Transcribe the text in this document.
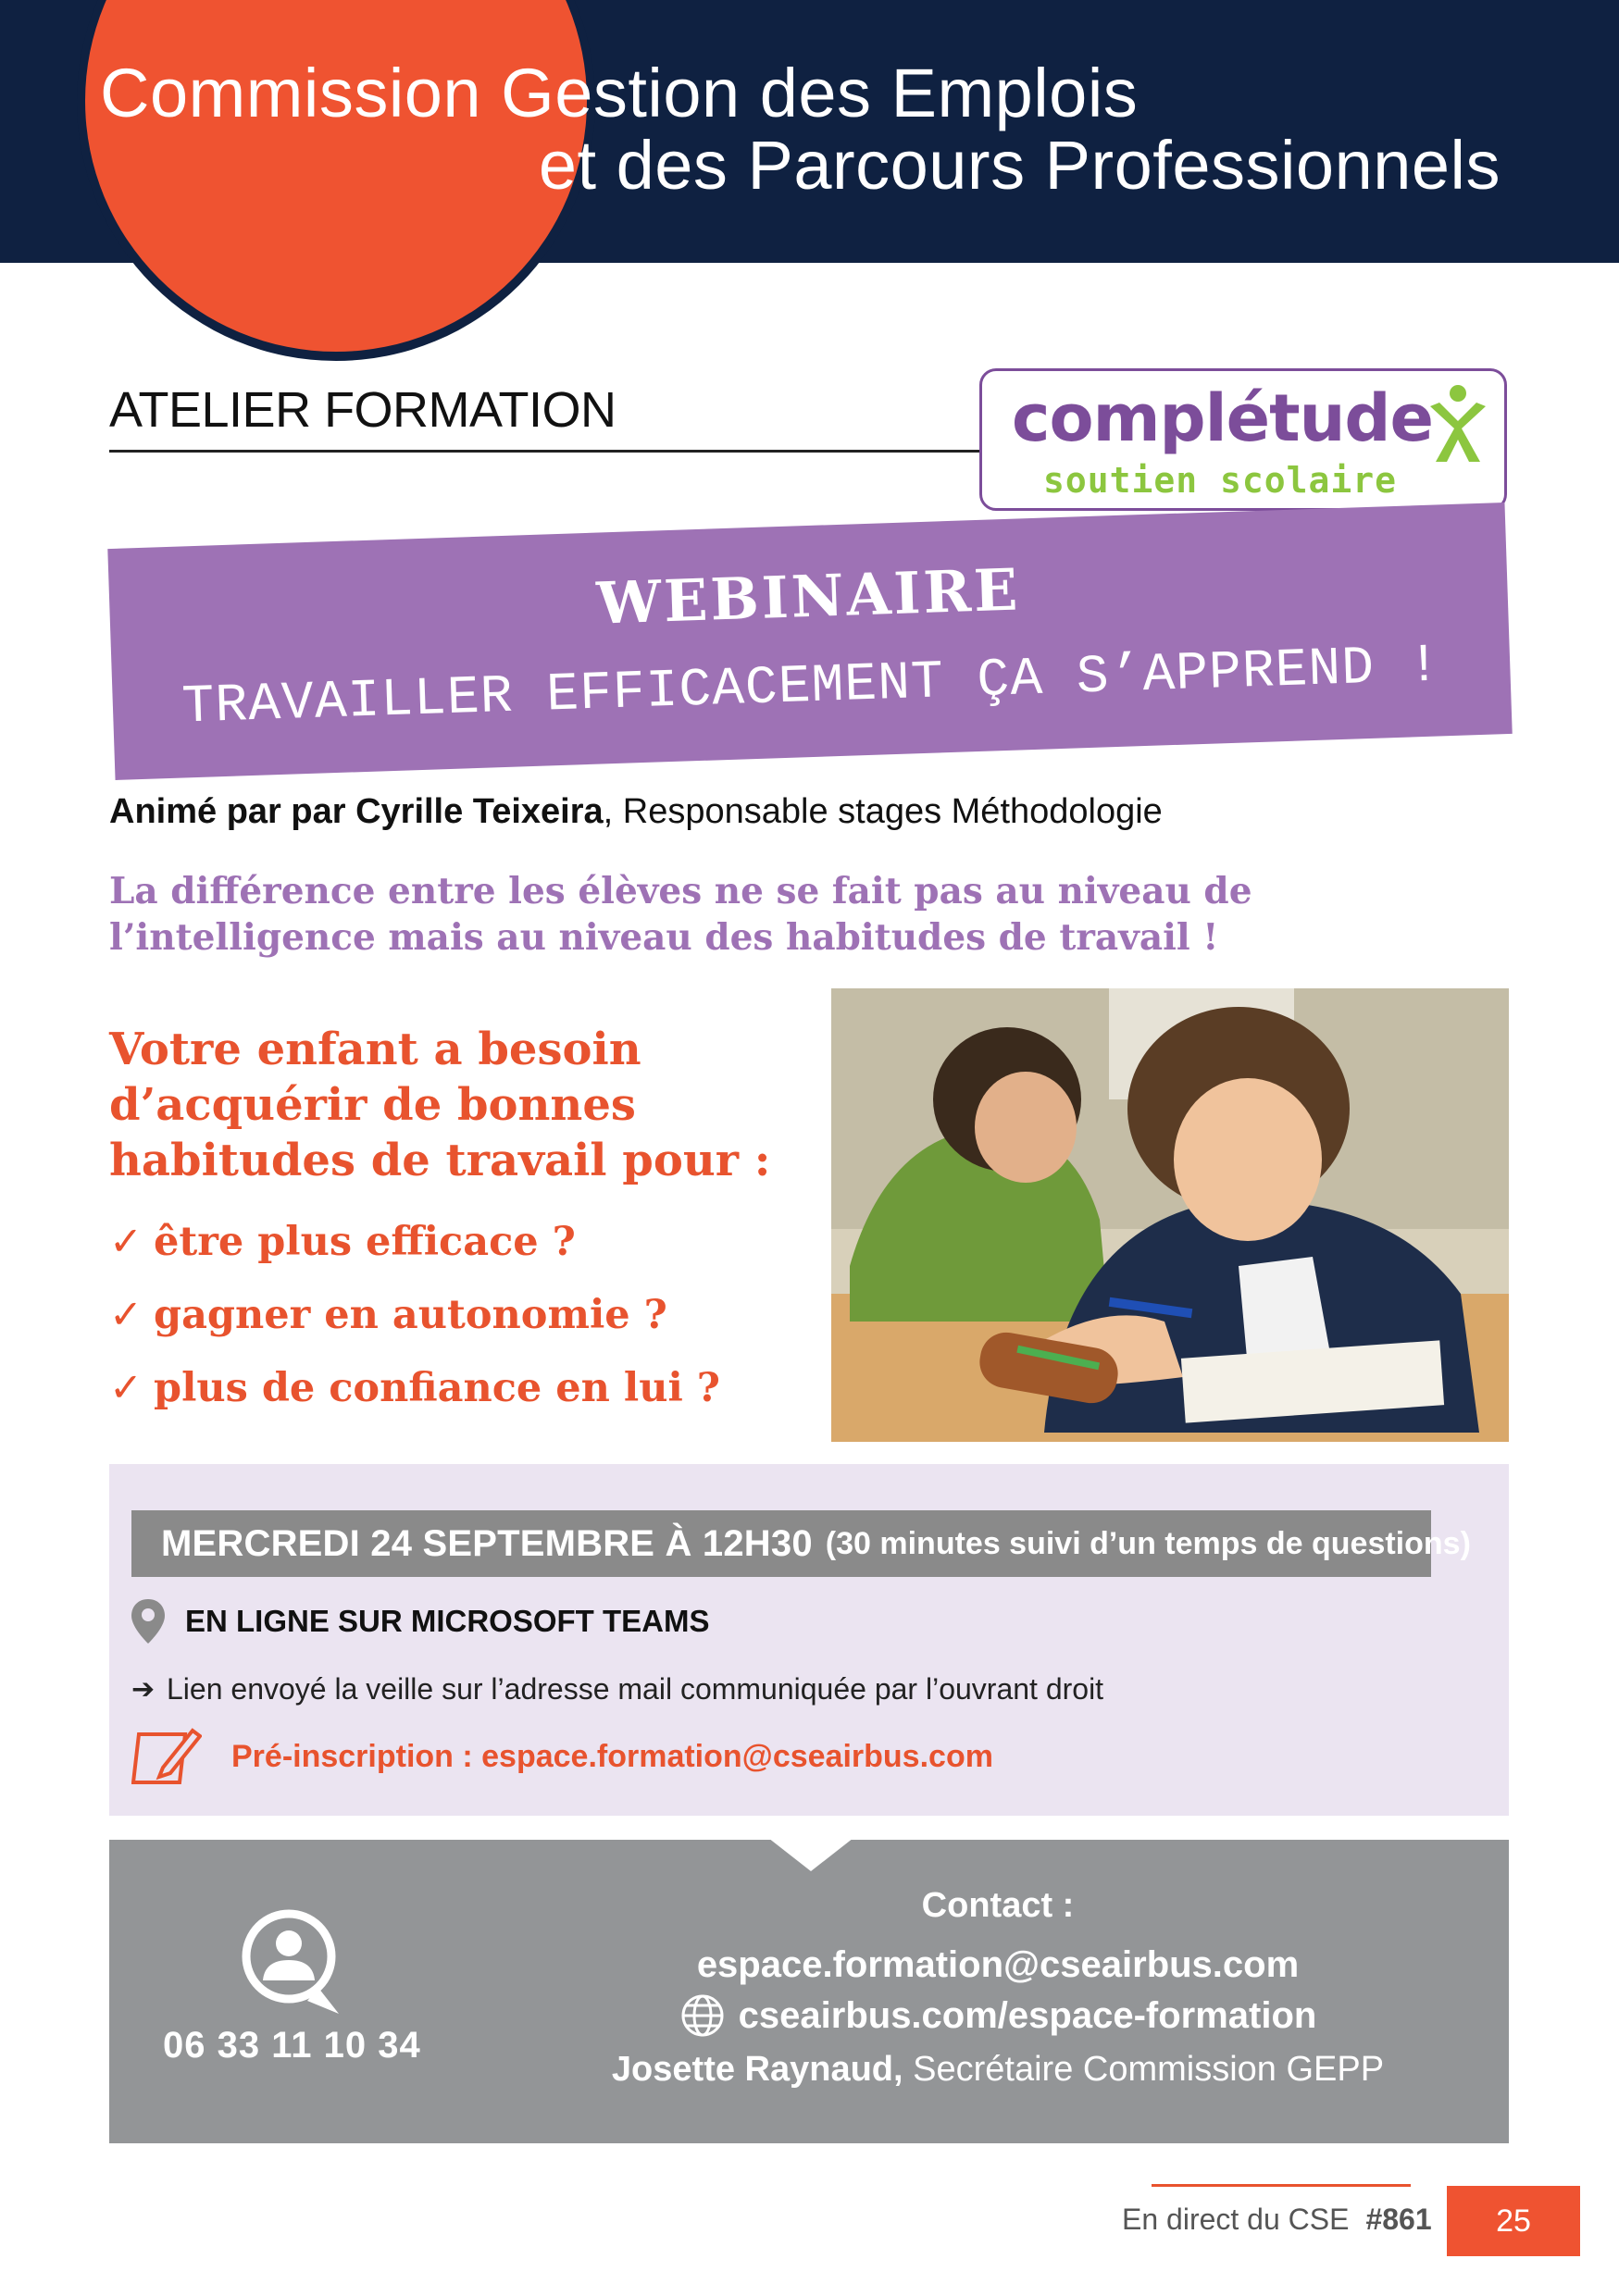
Commission Gestion des Emplois
et des Parcours Professionnels
ATELIER FORMATION	complétude
soutien scolaire
WEBINAIRE
TRAVAILLER EFFICACEMENT ÇA S’APPREND !
Animé par par Cyrille Teixeira, Responsable stages Méthodologie
La différence entre les élèves ne se fait pas au niveau de l’intelligence mais au niveau des habitudes de travail !
Votre enfant a besoin d’acquérir de bonnes habitudes de travail pour :
✓ être plus efficace ?
✓ gagner en autonomie ?
✓ plus de confiance en lui ?
MERCREDI 24 SEPTEMBRE À 12H30 (30 minutes suivi d’un temps de questions)
EN LIGNE SUR MICROSOFT TEAMS
➔ Lien envoyé la veille sur l’adresse mail communiquée par l’ouvrant droit
Pré-inscription : espace.formation@cseairbus.com
06 33 11 10 34
Contact :
espace.formation@cseairbus.com
cseairbus.com/espace-formation
Josette Raynaud, Secrétaire Commission GEPP
En direct du CSE #861	25
